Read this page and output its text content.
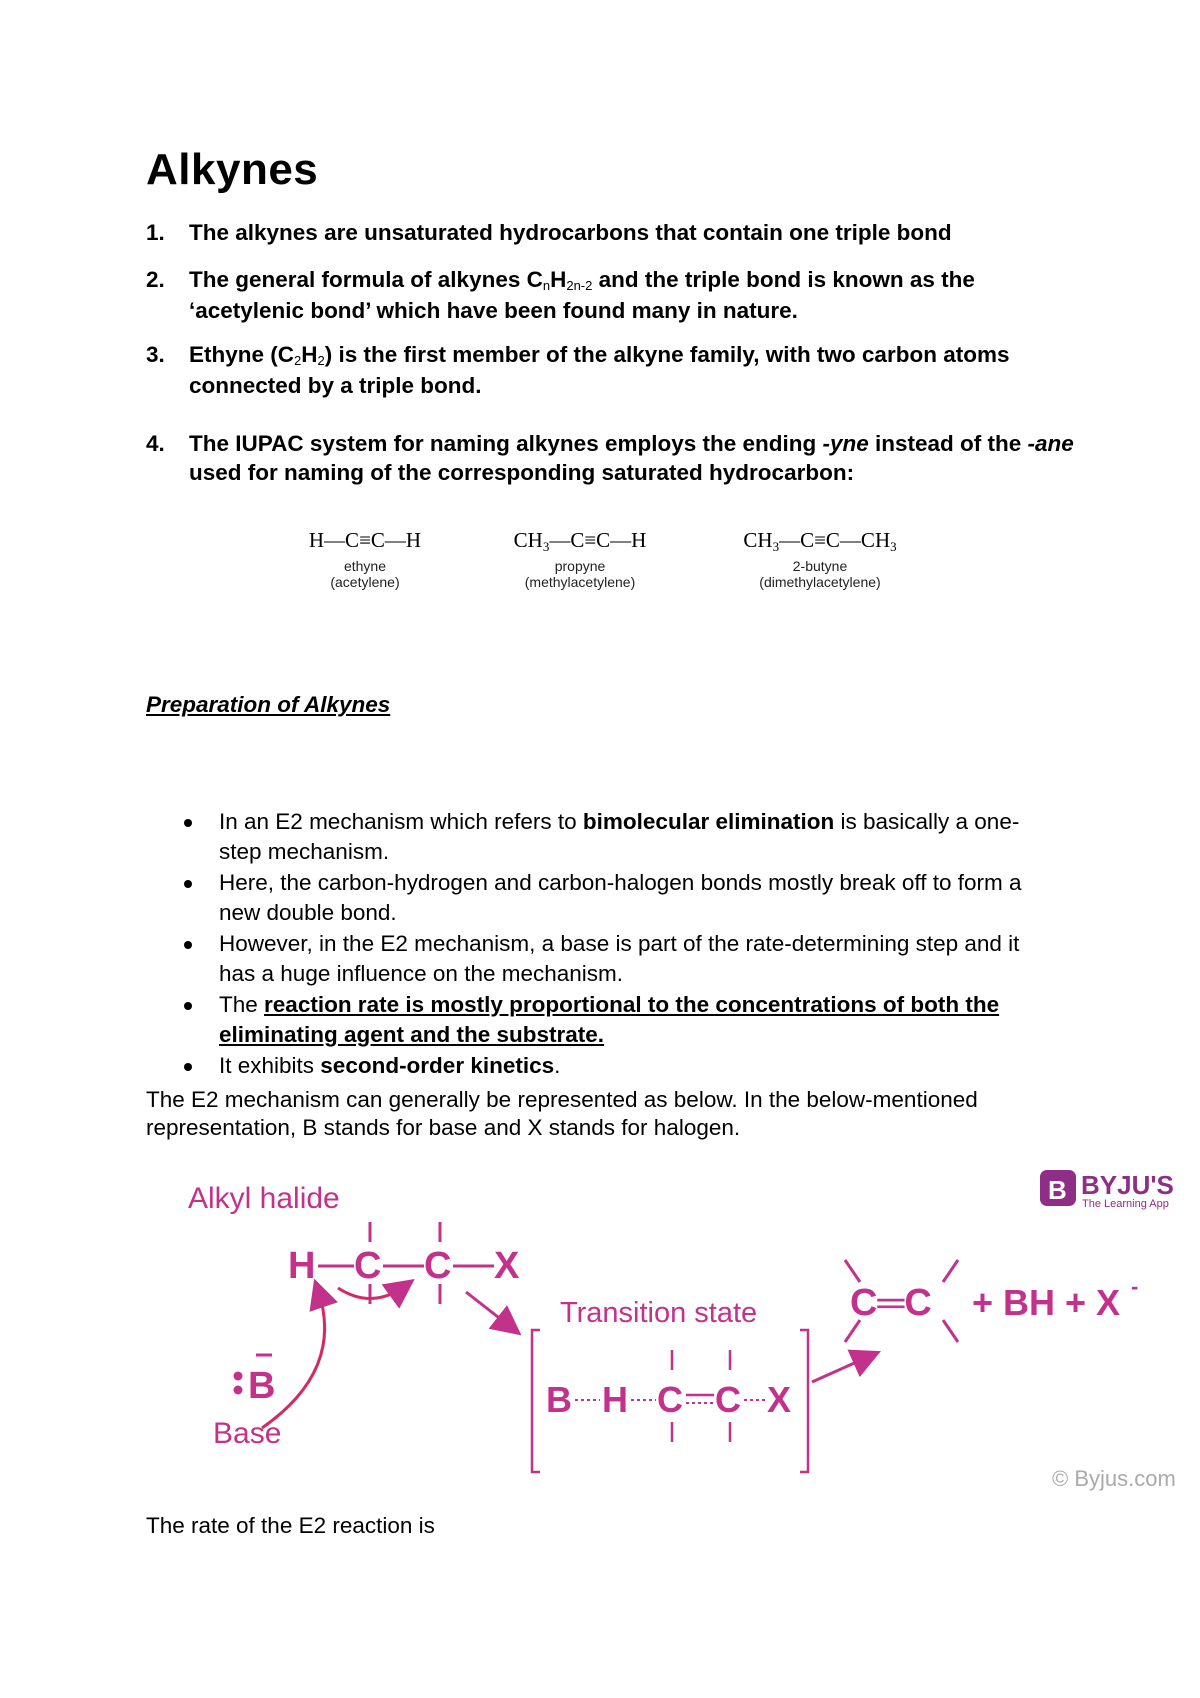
Alkynes
1. The alkynes are unsaturated hydrocarbons that contain one triple bond
2. The general formula of alkynes $C_nH_{2n-2}$ and the triple bond is known as the ‘acetylenic bond’ which have been found many in nature.
3. Ethyne $(C_2H_2)$ is the first member of the alkyne family, with two carbon atoms connected by a triple bond.
4. The IUPAC system for naming alkynes employs the ending -yne instead of the -ane used for naming of the corresponding saturated hydrocarbon:
H—C≡C—H
ethyne
(acetylene)
CH3—C≡C—H
propyne
(methylacetylene)
CH3—C≡C—CH3
2-butyne
(dimethylacetylene)
Preparation of Alkynes
In an E2 mechanism which refers to bimolecular elimination is basically a one-step mechanism.
Here, the carbon-hydrogen and carbon-halogen bonds mostly break off to form a new double bond.
However, in the E2 mechanism, a base is part of the rate-determining step and it has a huge influence on the mechanism.
The reaction rate is mostly proportional to the concentrations of both the eliminating agent and the substrate.
It exhibits second-order kinetics.
The E2 mechanism can generally be represented as below. In the below-mentioned representation, B stands for base and X stands for halogen.
Alkyl halide
H C C X
B
Base
Transition state
B H C C X
C═C + BH + X -
B BYJU'S
The Learning App
© Byjus.com
The rate of the E2 reaction is
